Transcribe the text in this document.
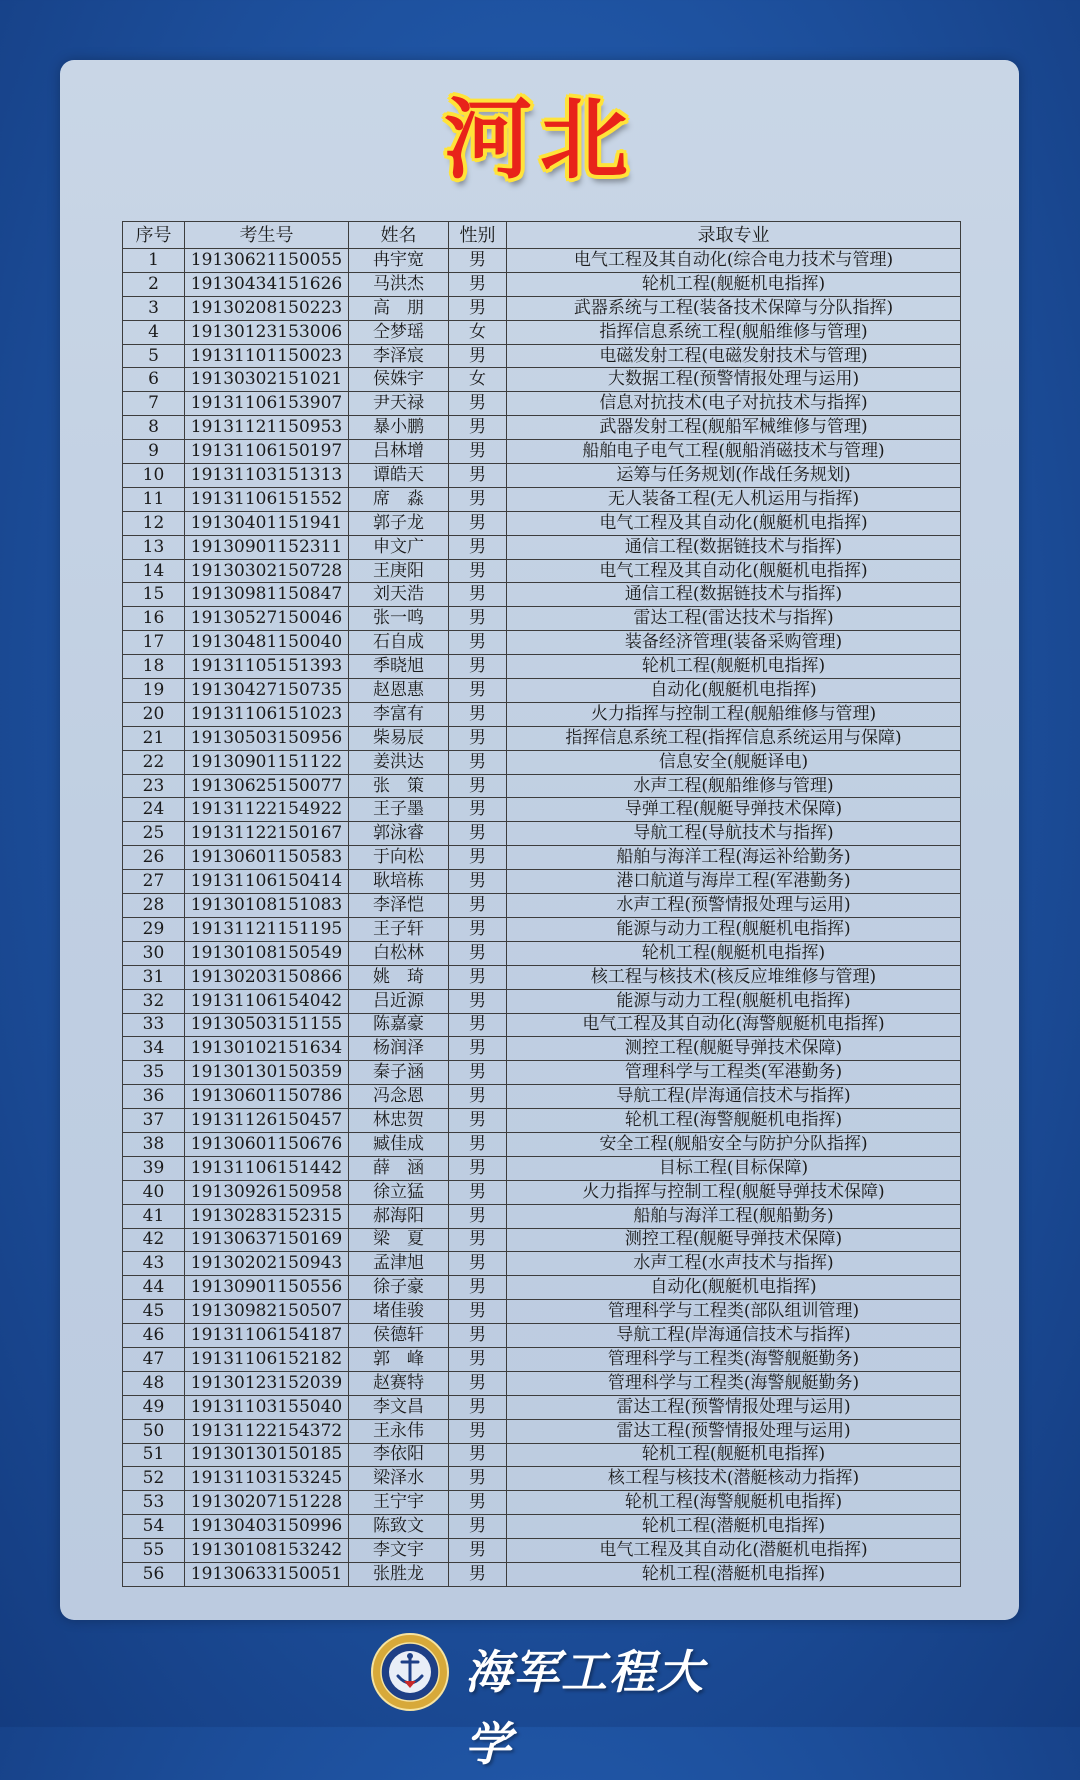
河北
序号	考生号	姓名	性别	录取专业
1	19130621150055	冉宇宽	男	电气工程及其自动化(综合电力技术与管理)
2	19130434151626	马洪杰	男	轮机工程(舰艇机电指挥)
3	19130208150223	高　朋	男	武器系统与工程(装备技术保障与分队指挥)
4	19130123153006	仝梦瑶	女	指挥信息系统工程(舰船维修与管理)
5	19131101150023	李泽宸	男	电磁发射工程(电磁发射技术与管理)
6	19130302151021	侯姝宇	女	大数据工程(预警情报处理与运用)
7	19131106153907	尹天禄	男	信息对抗技术(电子对抗技术与指挥)
8	19131121150953	暴小鹏	男	武器发射工程(舰船军械维修与管理)
9	19131106150197	吕林增	男	船舶电子电气工程(舰船消磁技术与管理)
10	19131103151313	谭皓天	男	运筹与任务规划(作战任务规划)
11	19131106151552	席　淼	男	无人装备工程(无人机运用与指挥)
12	19130401151941	郭子龙	男	电气工程及其自动化(舰艇机电指挥)
13	19130901152311	申文广	男	通信工程(数据链技术与指挥)
14	19130302150728	王庚阳	男	电气工程及其自动化(舰艇机电指挥)
15	19130981150847	刘天浩	男	通信工程(数据链技术与指挥)
16	19130527150046	张一鸣	男	雷达工程(雷达技术与指挥)
17	19130481150040	石自成	男	装备经济管理(装备采购管理)
18	19131105151393	季晓旭	男	轮机工程(舰艇机电指挥)
19	19130427150735	赵恩惠	男	自动化(舰艇机电指挥)
20	19131106151023	李富有	男	火力指挥与控制工程(舰船维修与管理)
21	19130503150956	柴易辰	男	指挥信息系统工程(指挥信息系统运用与保障)
22	19130901151122	姜洪达	男	信息安全(舰艇译电)
23	19130625150077	张　策	男	水声工程(舰船维修与管理)
24	19131122154922	王子墨	男	导弹工程(舰艇导弹技术保障)
25	19131122150167	郭泳睿	男	导航工程(导航技术与指挥)
26	19130601150583	于向松	男	船舶与海洋工程(海运补给勤务)
27	19131106150414	耿培栋	男	港口航道与海岸工程(军港勤务)
28	19130108151083	李泽恺	男	水声工程(预警情报处理与运用)
29	19131121151195	王子轩	男	能源与动力工程(舰艇机电指挥)
30	19130108150549	白松林	男	轮机工程(舰艇机电指挥)
31	19130203150866	姚　琦	男	核工程与核技术(核反应堆维修与管理)
32	19131106154042	吕近源	男	能源与动力工程(舰艇机电指挥)
33	19130503151155	陈嘉豪	男	电气工程及其自动化(海警舰艇机电指挥)
34	19130102151634	杨润泽	男	测控工程(舰艇导弹技术保障)
35	19130130150359	秦子涵	男	管理科学与工程类(军港勤务)
36	19130601150786	冯念恩	男	导航工程(岸海通信技术与指挥)
37	19131126150457	林忠贺	男	轮机工程(海警舰艇机电指挥)
38	19130601150676	臧佳成	男	安全工程(舰船安全与防护分队指挥)
39	19131106151442	薛　涵	男	目标工程(目标保障)
40	19130926150958	徐立猛	男	火力指挥与控制工程(舰艇导弹技术保障)
41	19130283152315	郝海阳	男	船舶与海洋工程(舰船勤务)
42	19130637150169	梁　夏	男	测控工程(舰艇导弹技术保障)
43	19130202150943	孟津旭	男	水声工程(水声技术与指挥)
44	19130901150556	徐子豪	男	自动化(舰艇机电指挥)
45	19130982150507	堵佳骏	男	管理科学与工程类(部队组训管理)
46	19131106154187	侯德轩	男	导航工程(岸海通信技术与指挥)
47	19131106152182	郭　峰	男	管理科学与工程类(海警舰艇勤务)
48	19130123152039	赵赛特	男	管理科学与工程类(海警舰艇勤务)
49	19131103155040	李文昌	男	雷达工程(预警情报处理与运用)
50	19131122154372	王永伟	男	雷达工程(预警情报处理与运用)
51	19130130150185	李依阳	男	轮机工程(舰艇机电指挥)
52	19131103153245	梁泽水	男	核工程与核技术(潜艇核动力指挥)
53	19130207151228	王宁宇	男	轮机工程(海警舰艇机电指挥)
54	19130403150996	陈致文	男	轮机工程(潜艇机电指挥)
55	19130108153242	李文宇	男	电气工程及其自动化(潜艇机电指挥)
56	19130633150051	张胜龙	男	轮机工程(潜艇机电指挥)
海军工程大学
